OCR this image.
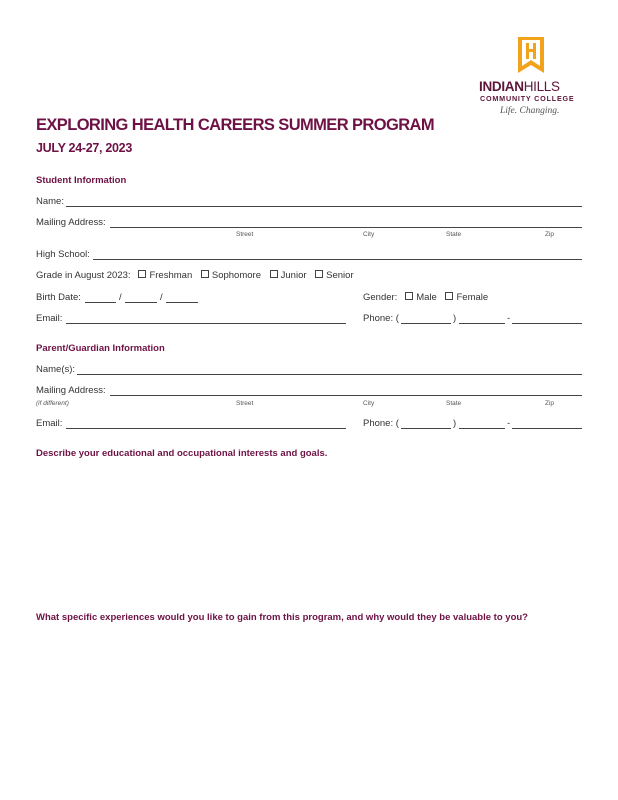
INDIANHILLS
COMMUNITY COLLEGE
Life. Changing.
EXPLORING HEALTH CAREERS SUMMER PROGRAM
JULY 24-27, 2023
Student Information
Name:
Mailing Address:
Street	City	State	Zip
High School:
Grade in August 2023: Freshman Sophomore Junior Senior
Birth Date:	/	/	Gender: Male Female
Email:	Phone: (	)	-
Parent/Guardian Information
Name(s):
Mailing Address:
(if different)	Street	City	State	Zip
Email:	Phone: (	)	-
Describe your educational and occupational interests and goals.
What specific experiences would you like to gain from this program, and why would they be valuable to you?
